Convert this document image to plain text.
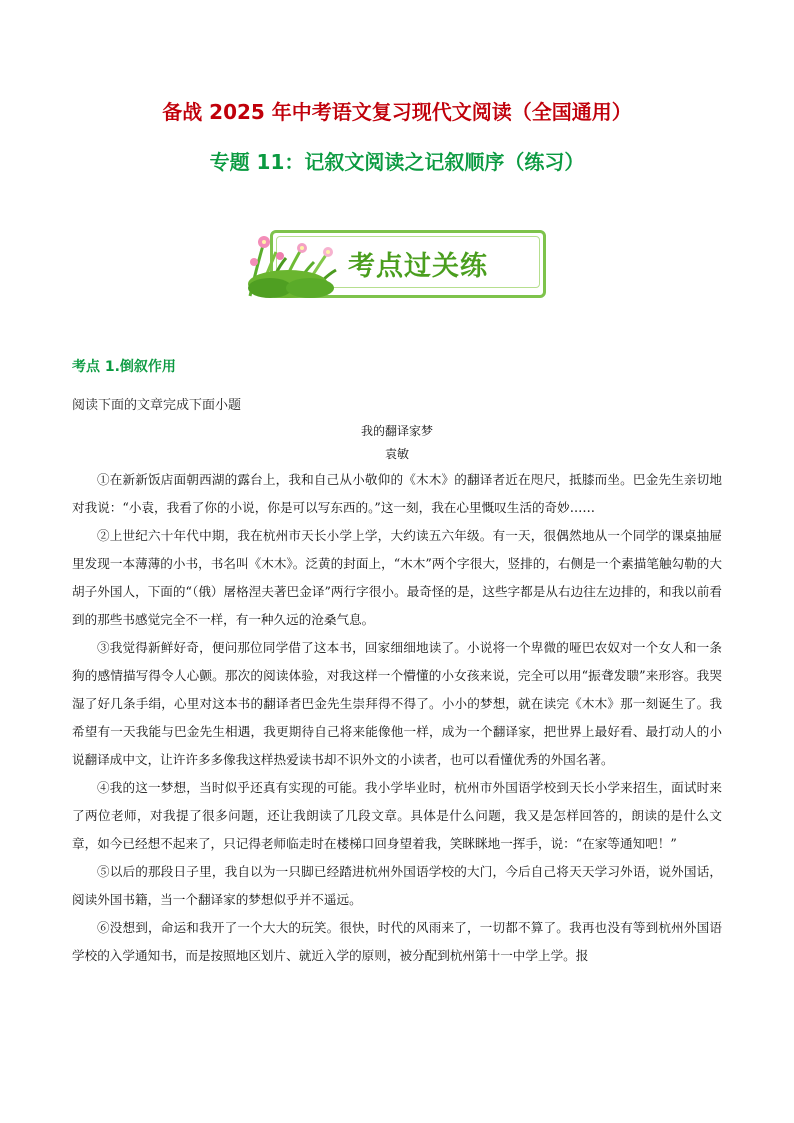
备战 2025 年中考语文复习现代文阅读（全国通用）
专题 11：记叙文阅读之记叙顺序（练习）
考点过关练
考点 1.倒叙作用
阅读下面的文章完成下面小题
我的翻译家梦
袁敏

①在新新饭店面朝西湖的露台上，我和自己从小敬仰的《木木》的翻译者近在咫尺，抵膝而坐。巴金先生亲切地对我说：“小袁，我看了你的小说，你是可以写东西的。”这一刻，我在心里慨叹生活的奇妙……

②上世纪六十年代中期，我在杭州市天长小学上学，大约读五六年级。有一天，很偶然地从一个同学的课桌抽屉里发现一本薄薄的小书，书名叫《木木》。泛黄的封面上，“木木”两个字很大，竖排的，右侧是一个素描笔触勾勒的大胡子外国人，下面的“（俄）屠格涅夫著巴金译”两行字很小。最奇怪的是，这些字都是从右边往左边排的，和我以前看到的那些书感觉完全不一样，有一种久远的沧桑气息。

③我觉得新鲜好奇，便问那位同学借了这本书，回家细细地读了。小说将一个卑微的哑巴农奴对一个女人和一条狗的感情描写得令人心颤。那次的阅读体验，对我这样一个懵懂的小女孩来说，完全可以用“振聋发聩”来形容。我哭湿了好几条手绢，心里对这本书的翻译者巴金先生崇拜得不得了。小小的梦想，就在读完《木木》那一刻诞生了。我希望有一天我能与巴金先生相遇，我更期待自己将来能像他一样，成为一个翻译家，把世界上最好看、最打动人的小说翻译成中文，让许许多多像我这样热爱读书却不识外文的小读者，也可以看懂优秀的外国名著。

④我的这一梦想，当时似乎还真有实现的可能。我小学毕业时，杭州市外国语学校到天长小学来招生，面试时来了两位老师，对我提了很多问题，还让我朗读了几段文章。具体是什么问题，我又是怎样回答的，朗读的是什么文章，如今已经想不起来了，只记得老师临走时在楼梯口回身望着我，笑眯眯地一挥手，说：“在家等通知吧！”

⑤以后的那段日子里，我自以为一只脚已经踏进杭州外国语学校的大门，今后自己将天天学习外语，说外国话，阅读外国书籍，当一个翻译家的梦想似乎并不遥远。

⑥没想到，命运和我开了一个大大的玩笑。很快，时代的风雨来了，一切都不算了。我再也没有等到杭州外国语学校的入学通知书，而是按照地区划片、就近入学的原则，被分配到杭州第十一中学上学。报
